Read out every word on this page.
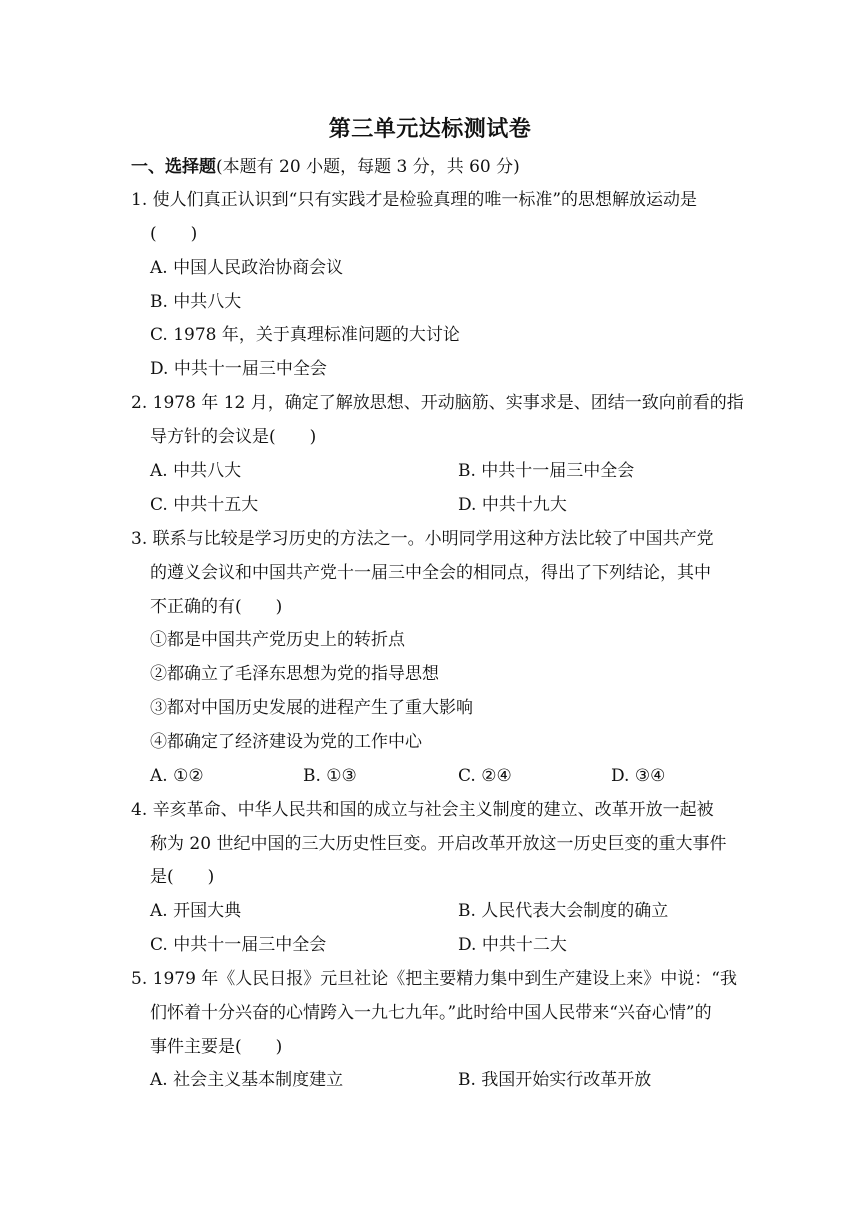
第三单元达标测试卷
一、选择题(本题有 20 小题，每题 3 分，共 60 分)
1. 使人们真正认识到“只有实践才是检验真理的唯一标准”的思想解放运动是
(　　)
A. 中国人民政治协商会议
B. 中共八大
C. 1978 年，关于真理标准问题的大讨论
D. 中共十一届三中全会
2. 1978 年 12 月，确定了解放思想、开动脑筋、实事求是、团结一致向前看的指
导方针的会议是(　　)
A. 中共八大	B. 中共十一届三中全会
C. 中共十五大	D. 中共十九大
3. 联系与比较是学习历史的方法之一。小明同学用这种方法比较了中国共产党
的遵义会议和中国共产党十一届三中全会的相同点，得出了下列结论，其中
不正确的有(　　)
①都是中国共产党历史上的转折点
②都确立了毛泽东思想为党的指导思想
③都对中国历史发展的进程产生了重大影响
④都确定了经济建设为党的工作中心
A. ①②	B. ①③	C. ②④	D. ③④
4. 辛亥革命、中华人民共和国的成立与社会主义制度的建立、改革开放一起被
称为 20 世纪中国的三大历史性巨变。开启改革开放这一历史巨变的重大事件
是(　　)
A. 开国大典	B. 人民代表大会制度的确立
C. 中共十一届三中全会	D. 中共十二大
5. 1979 年《人民日报》元旦社论《把主要精力集中到生产建设上来》中说：“我
们怀着十分兴奋的心情跨入一九七九年。”此时给中国人民带来“兴奋心情”的
事件主要是(　　)
A. 社会主义基本制度建立	B. 我国开始实行改革开放
